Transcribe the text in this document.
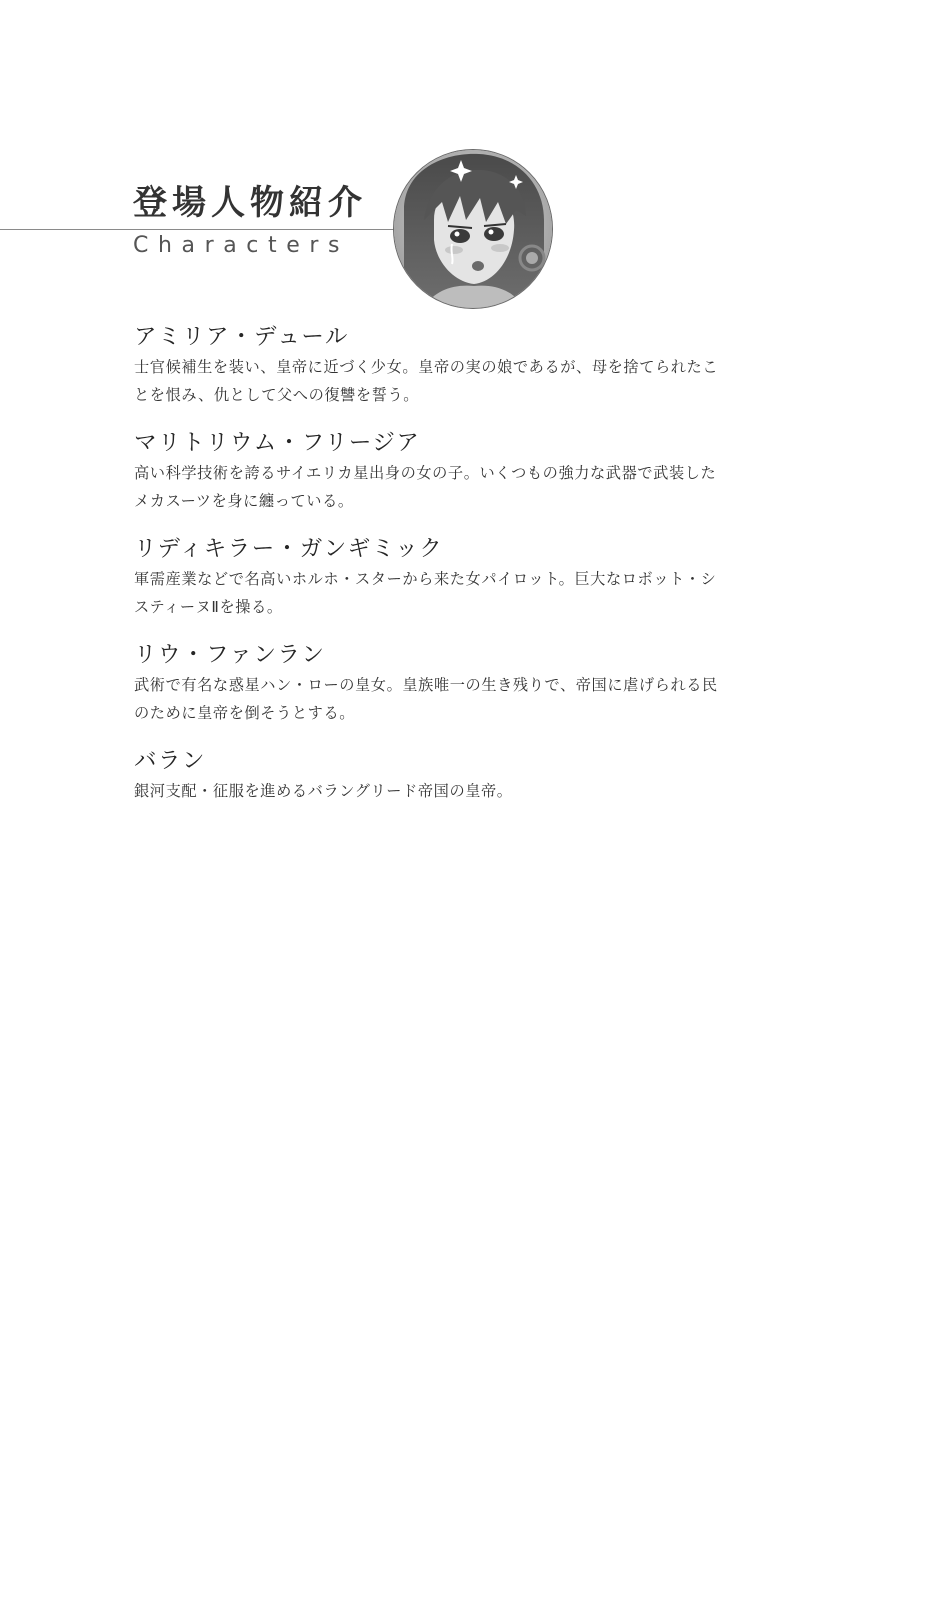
登場人物紹介
Characters
アミリア・デュール
士官候補生を装い、皇帝に近づく少女。皇帝の実の娘であるが、母を捨てられたことを恨み、仇として父への復讐を誓う。
マリトリウム・フリージア
高い科学技術を誇るサイエリカ星出身の女の子。いくつもの強力な武器で武装したメカスーツを身に纏っている。
リディキラー・ガンギミック
軍需産業などで名高いホルホ・スターから来た女パイロット。巨大なロボット・システィーヌⅡを操る。
リウ・ファンラン
武術で有名な惑星ハン・ローの皇女。皇族唯一の生き残りで、帝国に虐げられる民のために皇帝を倒そうとする。
バラン
銀河支配・征服を進めるバラングリード帝国の皇帝。
